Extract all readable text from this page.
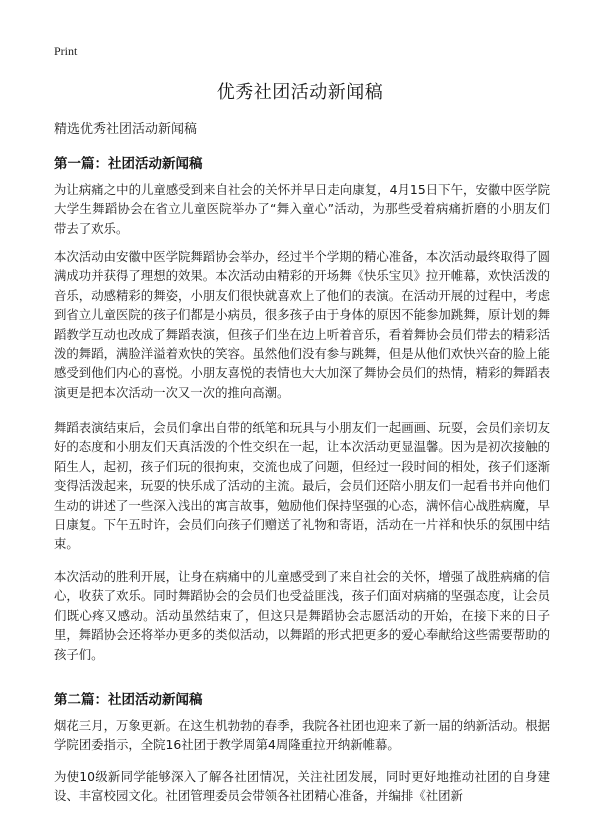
Print
优秀社团活动新闻稿
精选优秀社团活动新闻稿
第一篇：社团活动新闻稿
为让病痛之中的儿童感受到来自社会的关怀并早日走向康复，4月15日下午，安徽中医学院大学生舞蹈协会在省立儿童医院举办了“舞入童心”活动，为那些受着病痛折磨的小朋友们带去了欢乐。
本次活动由安徽中医学院舞蹈协会举办，经过半个学期的精心准备，本次活动最终取得了圆满成功并获得了理想的效果。本次活动由精彩的开场舞《快乐宝贝》拉开帷幕，欢快活泼的音乐，动感精彩的舞姿，小朋友们很快就喜欢上了他们的表演。在活动开展的过程中，考虑到省立儿童医院的孩子们都是小病员，很多孩子由于身体的原因不能参加跳舞，原计划的舞蹈教学互动也改成了舞蹈表演，但孩子们坐在边上听着音乐，看着舞协会员们带去的精彩活泼的舞蹈，满脸洋溢着欢快的笑容。虽然他们没有参与跳舞，但是从他们欢快兴奋的脸上能感受到他们内心的喜悦。小朋友喜悦的表情也大大加深了舞协会员们的热情，精彩的舞蹈表演更是把本次活动一次又一次的推向高潮。
舞蹈表演结束后，会员们拿出自带的纸笔和玩具与小朋友们一起画画、玩耍，会员们亲切友好的态度和小朋友们天真活泼的个性交织在一起，让本次活动更显温馨。因为是初次接触的陌生人，起初，孩子们玩的很拘束，交流也成了问题，但经过一段时间的相处，孩子们逐渐变得活泼起来，玩耍的快乐成了活动的主流。最后，会员们还陪小朋友们一起看书并向他们生动的讲述了一些深入浅出的寓言故事，勉励他们保持坚强的心态，满怀信心战胜病魔，早日康复。下午五时许，会员们向孩子们赠送了礼物和寄语，活动在一片祥和快乐的氛围中结束。
本次活动的胜利开展，让身在病痛中的儿童感受到了来自社会的关怀，增强了战胜病痛的信心，收获了欢乐。同时舞蹈协会的会员们也受益匪浅，孩子们面对病痛的坚强态度，让会员们既心疼又感动。活动虽然结束了，但这只是舞蹈协会志愿活动的开始，在接下来的日子里，舞蹈协会还将举办更多的类似活动，以舞蹈的形式把更多的爱心奉献给这些需要帮助的孩子们。
第二篇：社团活动新闻稿
烟花三月，万象更新。在这生机勃勃的春季，我院各社团也迎来了新一届的纳新活动。根据学院团委指示，全院16社团于教学周第4周隆重拉开纳新帷幕。
为使10级新同学能够深入了解各社团情况，关注社团发展，同时更好地推动社团的自身建设、丰富校园文化。社团管理委员会带领各社团精心准备，并编排《社团新
